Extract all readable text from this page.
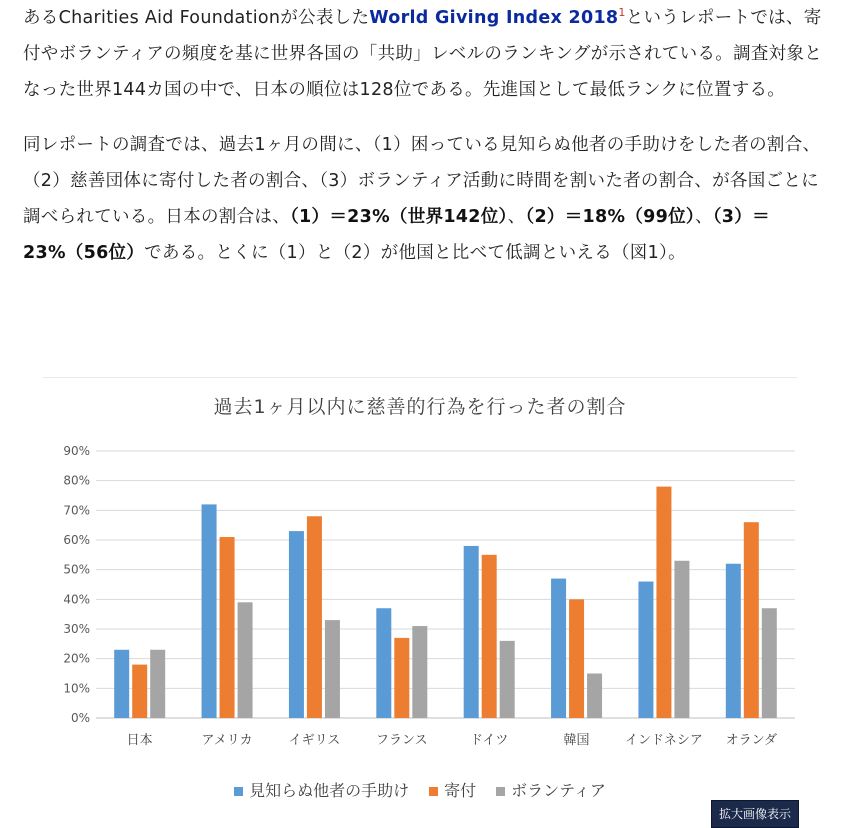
あるCharities Aid Foundationが公表したWorld Giving Index 2018$^1$というレポートでは、寄付やボランティアの頻度を基に世界各国の「共助」レベルのランキングが示されている。調査対象となった世界144カ国の中で、日本の順位は128位である。先進国として最低ランクに位置する。

同レポートの調査では、過去1ヶ月の間に、（1）困っている見知らぬ他者の手助けをした者の割合、（2）慈善団体に寄付した者の割合、（3）ボランティア活動に時間を割いた者の割合、が各国ごとに調べられている。日本の割合は、（1）＝23%（世界142位）、（2）＝18%（99位）、（3）＝23%（56位）である。とくに（1）と（2）が他国と比べて低調といえる（図1）。

過去1ヶ月以内に慈善的行為を行った者の割合
0%
10%
20%
30%
40%
50%
60%
70%
80%
90%
日本	アメリカ	イギリス	フランス	ドイツ	韓国	インドネシア オランダ
見知らぬ他者の手助け 寄付 ボランティア
拡大画像表示
